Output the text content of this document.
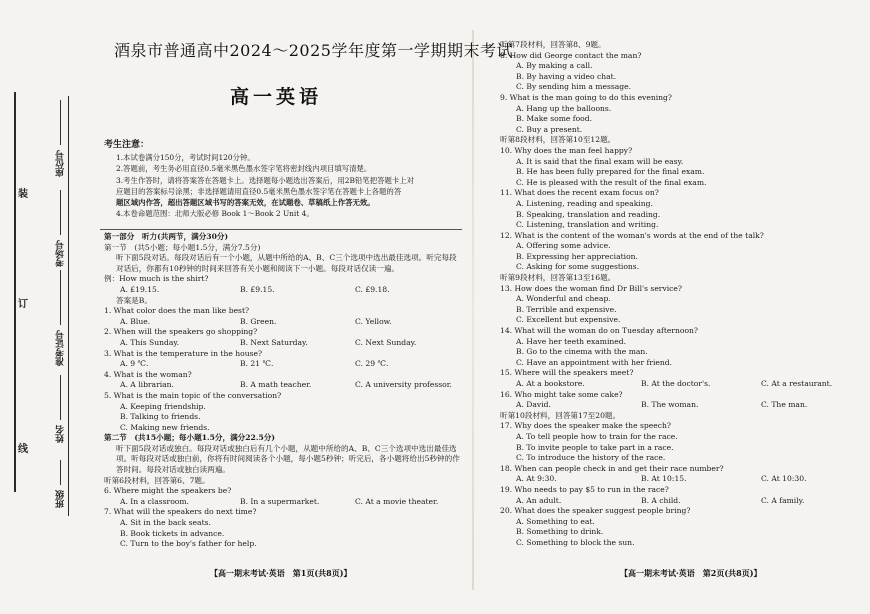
座位号
考场号
准考证号
姓名
班级
装
订
线
酒泉市普通高中2024～2025学年度第一学期期末考试
高一英语
考生注意：

1.本试卷满分150分，考试时间120分钟。

2.答题前，考生务必用直径0.5毫米黑色墨水签字笔将密封线内项目填写清楚。

3.考生作答时，请将答案答在答题卡上。选择题每小题选出答案后，用2B铅笔把答题卡上对

应题目的答案标号涂黑；非选择题请用直径0.5毫米黑色墨水签字笔在答题卡上各题的答

题区域内作答，超出答题区域书写的答案无效，在试题卷、草稿纸上作答无效。

4.本卷命题范围：北师大版必修 Book 1～Book 2 Unit 4。

第一部分　听力(共两节，满分30分)

第一节　(共5小题；每小题1.5分，满分7.5分)

听下面5段对话。每段对话后有一个小题，从题中所给的A、B、C三个选项中选出最佳选项。听完每段对话后，你都有10秒钟的时间来回答有关小题和阅读下一小题。每段对话仅读一遍。

例：How much is the shirt?

A. £19.15.	B. £9.15.	C. £9.18.

答案是B。

1. What color does the man like best?

A. Blue.	B. Green.	C. Yellow.

2. When will the speakers go shopping?

A. This Sunday.	B. Next Saturday.	C. Next Sunday.

3. What is the temperature in the house?

A. 9 ℃.	B. 21 ℃.	C. 29 ℃.

4. What is the woman?

A. A librarian.	B. A math teacher.	C. A university professor.

5. What is the main topic of the conversation?

A. Keeping friendship.

B. Talking to friends.

C. Making new friends.

第二节　(共15小题；每小题1.5分，满分22.5分)

听下面5段对话或独白。每段对话或独白后有几个小题，从题中所给的A、B、C三个选项中选出最佳选项。听每段对话或独白前，你将有时间阅读各个小题，每小题5秒钟；听完后，各小题将给出5秒钟的作答时间。每段对话或独白读两遍。

听第6段材料，回答第6、7题。

6. Where might the speakers be?

A. In a classroom.	B. In a supermarket.	C. At a movie theater.

7. What will the speakers do next time?

A. Sit in the back seats.

B. Book tickets in advance.

C. Turn to the boy's father for help.

听第7段材料，回答第8、9题。

8. How did George contact the man?

A. By making a call.

B. By having a video chat.

C. By sending him a message.

9. What is the man going to do this evening?

A. Hang up the balloons.

B. Make some food.

C. Buy a present.

听第8段材料，回答第10至12题。

10. Why does the man feel happy?

A. It is said that the final exam will be easy.

B. He has been fully prepared for the final exam.

C. He is pleased with the result of the final exam.

11. What does the recent exam focus on?

A. Listening, reading and speaking.

B. Speaking, translation and reading.

C. Listening, translation and writing.

12. What is the content of the woman's words at the end of the talk?

A. Offering some advice.

B. Expressing her appreciation.

C. Asking for some suggestions.

听第9段材料，回答第13至16题。

13. How does the woman find Dr Bill's service?

A. Wonderful and cheap.

B. Terrible and expensive.

C. Excellent but expensive.

14. What will the woman do on Tuesday afternoon?

A. Have her teeth examined.

B. Go to the cinema with the man.

C. Have an appointment with her friend.

15. Where will the speakers meet?

A. At a bookstore.	B. At the doctor's.	C. At a restaurant.

16. Who might take some cake?

A. David.	B. The woman.	C. The man.

听第10段材料，回答第17至20题。

17. Why does the speaker make the speech?

A. To tell people how to train for the race.

B. To invite people to take part in a race.

C. To introduce the history of the race.

18. When can people check in and get their race number?

A. At 9:30.	B. At 10:15.	C. At 10:30.

19. Who needs to pay $5 to run in the race?

A. An adult.	B. A child.	C. A family.

20. What does the speaker suggest people bring?

A. Something to eat.

B. Something to drink.

C. Something to block the sun.

【高一期末考试·英语　第1页(共8页)】	【高一期末考试·英语　第2页(共8页)】
